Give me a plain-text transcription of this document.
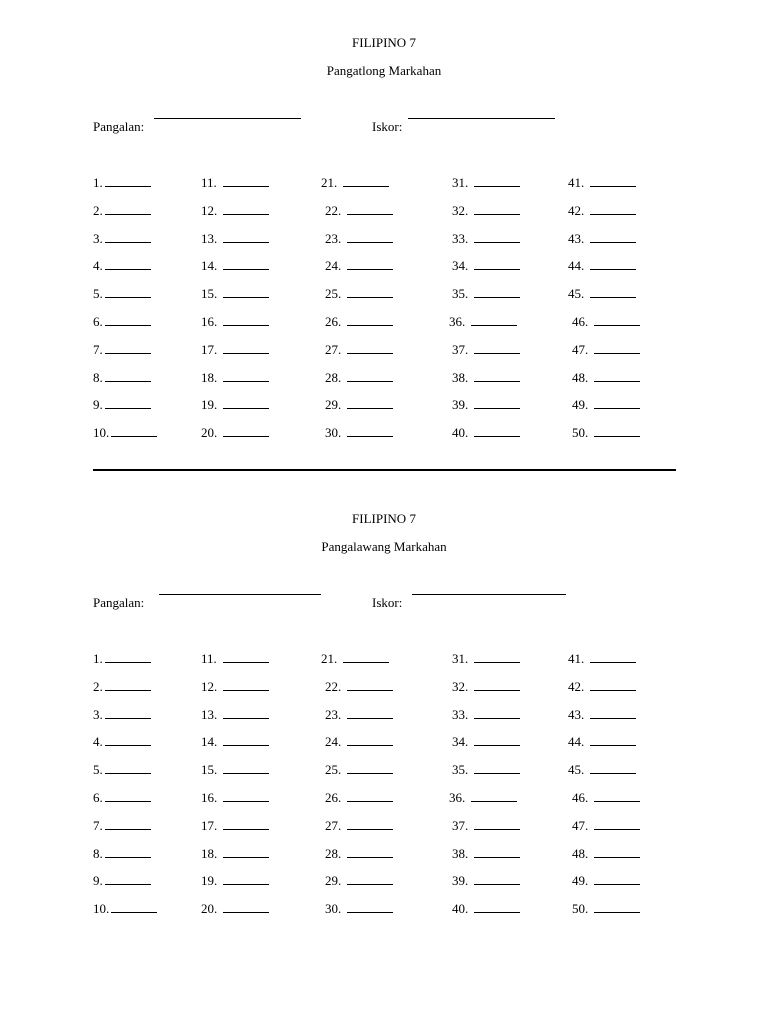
FILIPINO 7
Pangatlong Markahan
Pangalan:	Iskor:
1.	11.	21.	31.	41.
2.	12.	22.	32.	42.
3.	13.	23.	33.	43.
4.	14.	24.	34.	44.
5.	15.	25.	35.	45.
6.	16.	26.	36.	46.
7.	17.	27.	37.	47.
8.	18.	28.	38.	48.
9.	19.	29.	39.	49.
10.	20.	30.	40.	50.
FILIPINO 7
Pangalawang Markahan
Pangalan:	Iskor:
1.	11.	21.	31.	41.
2.	12.	22.	32.	42.
3.	13.	23.	33.	43.
4.	14.	24.	34.	44.
5.	15.	25.	35.	45.
6.	16.	26.	36.	46.
7.	17.	27.	37.	47.
8.	18.	28.	38.	48.
9.	19.	29.	39.	49.
10.	20.	30.	40.	50.
